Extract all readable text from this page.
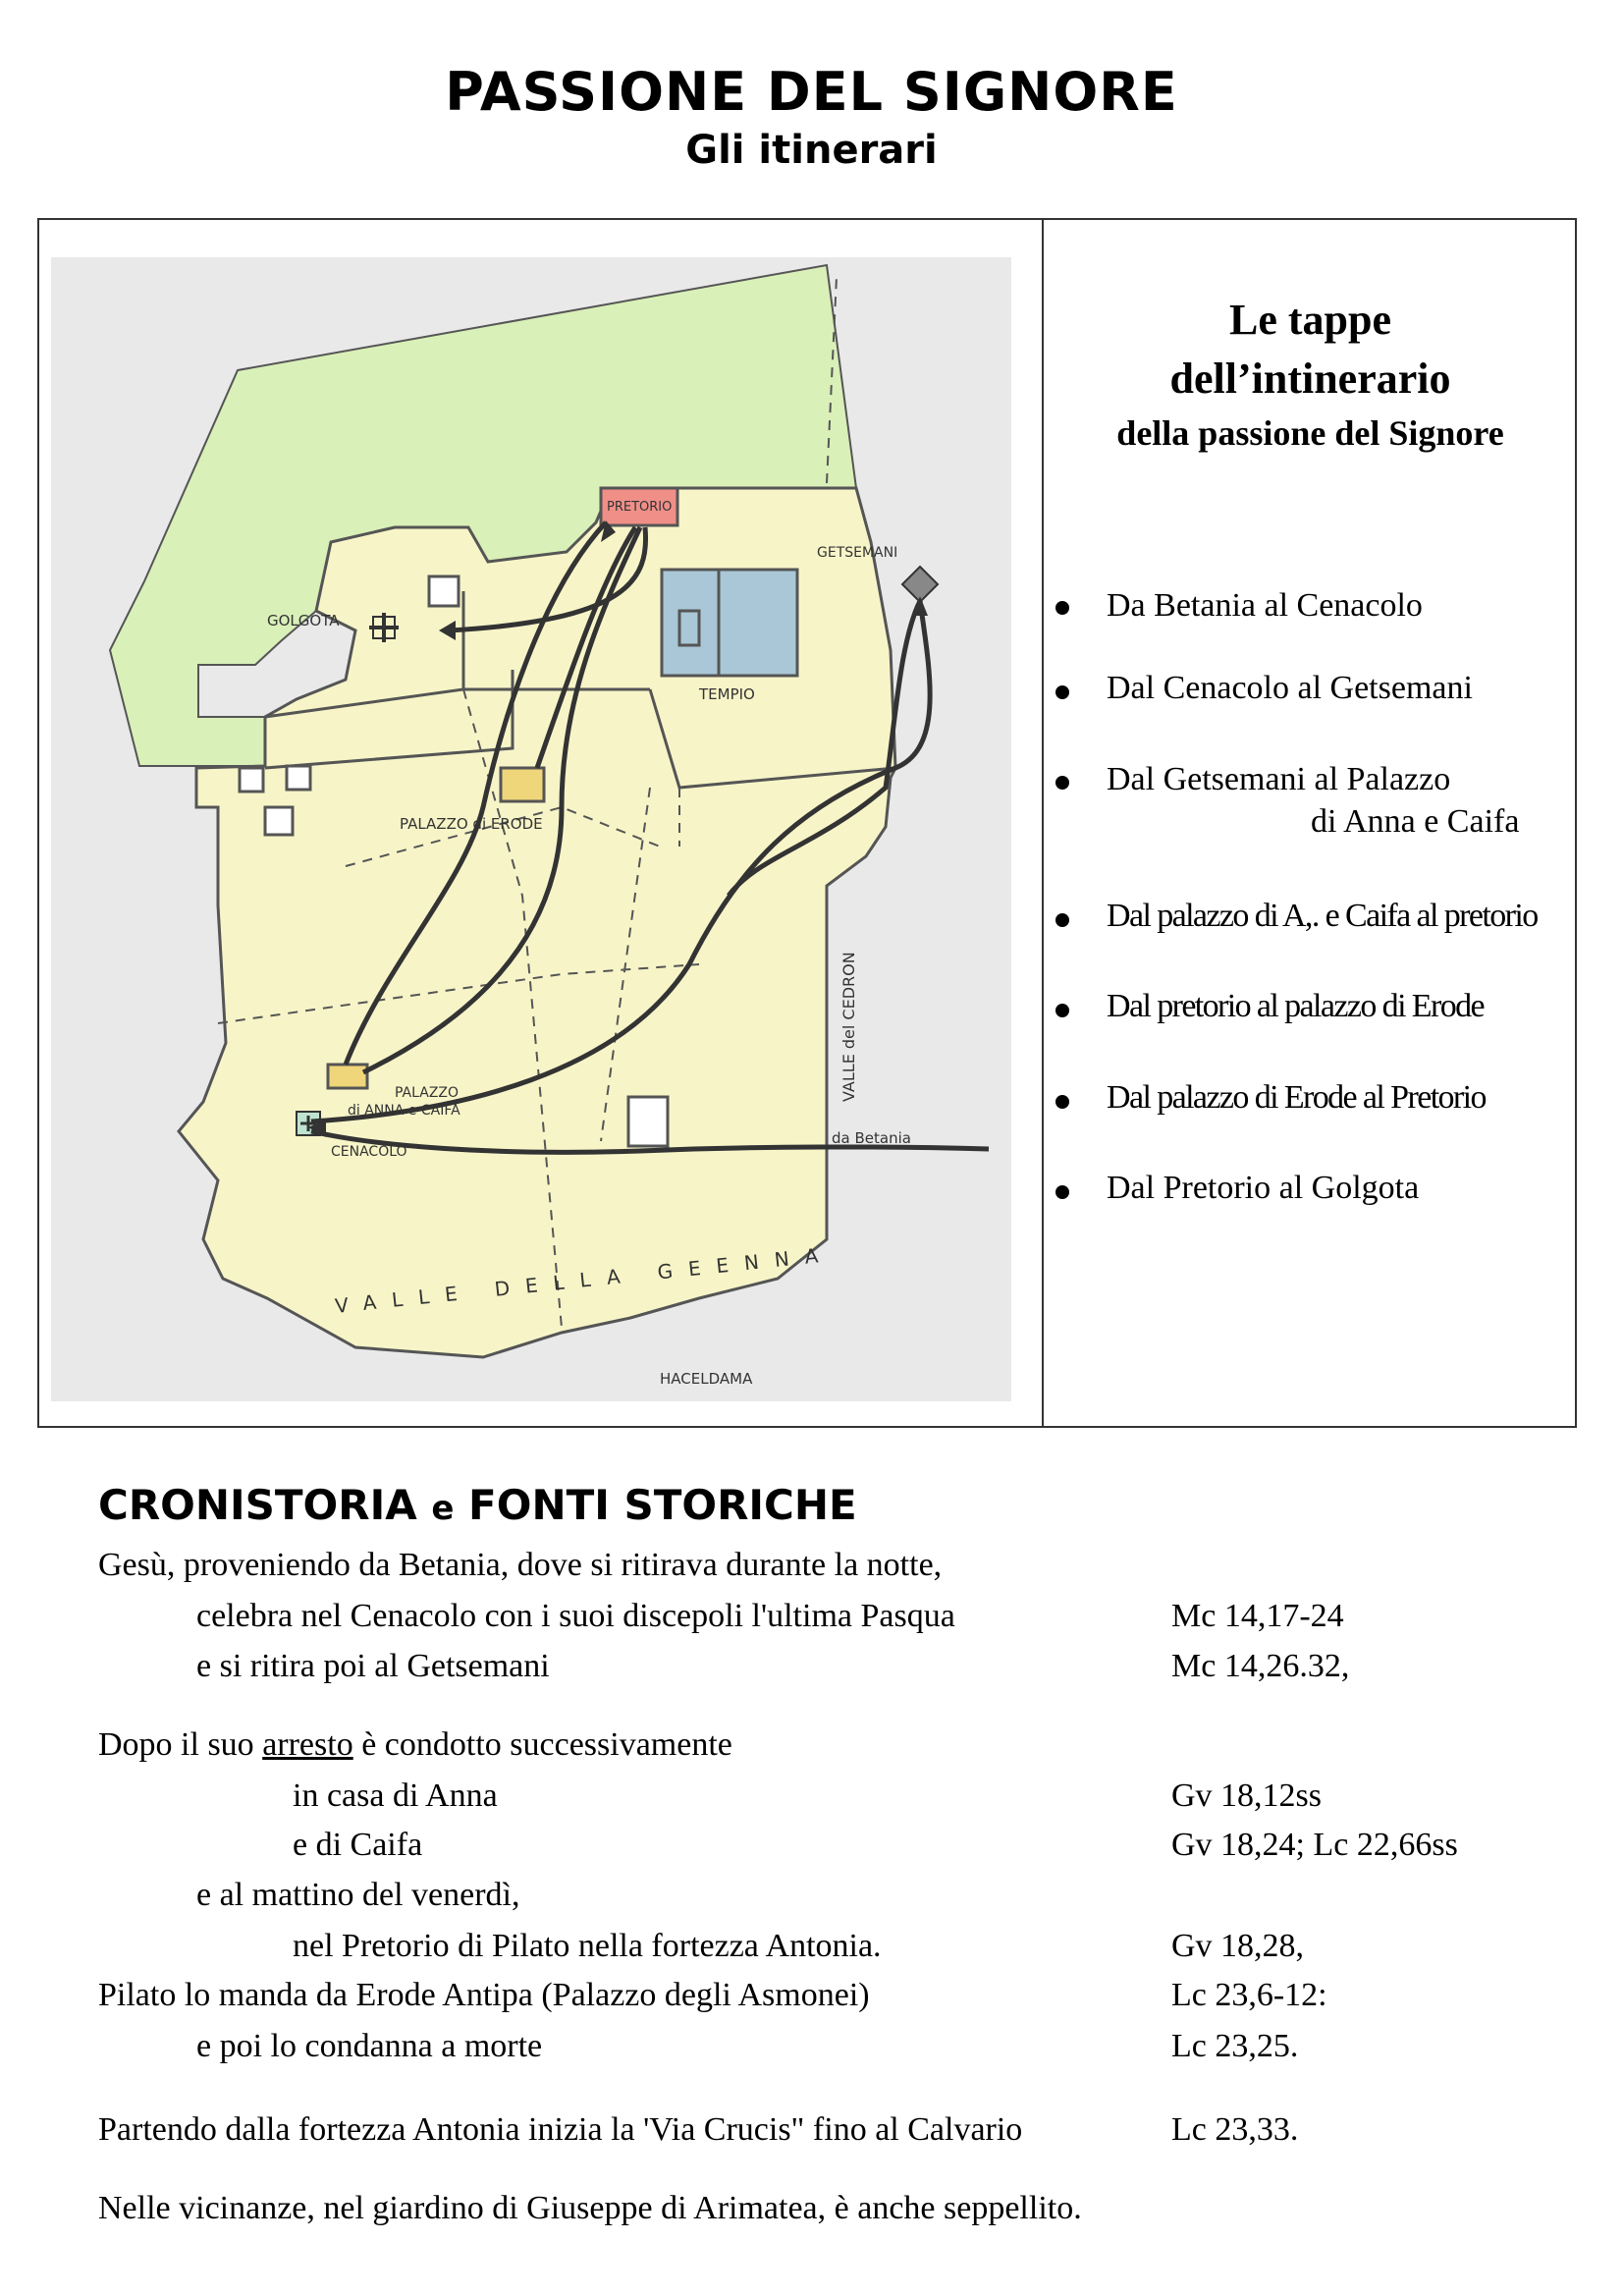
PASSIONE DEL SIGNORE
Gli itinerari
PRETORIO
GOLGOTA
GETSEMANI
TEMPIO
PALAZZO di ERODE
PALAZZO
di ANNA e CAIFA
CENACOLO
da Betania
VALLE del CEDRON
VALLE DELLA GEENNA
HACELDAMA
Le tappe
dell’intinerario
della passione del Signore
Da Betania al Cenacolo
Dal Cenacolo al Getsemani
Dal Getsemani al Palazzo
di Anna e Caifa
Dal palazzo di A,. e Caifa al pretorio
Dal pretorio al palazzo di Erode
Dal palazzo di Erode al Pretorio
Dal Pretorio al Golgota
CRONISTORIA e FONTI STORICHE
Gesù, proveniendo da Betania, dove si ritirava durante la notte,
celebra nel Cenacolo con i suoi discepoli l'ultima Pasqua	Mc 14,17-24
e si ritira poi al Getsemani	Mc 14,26.32,
Dopo il suo arresto è condotto successivamente
in casa di Anna	Gv 18,12ss
e di Caifa	Gv 18,24; Lc 22,66ss
e al mattino del venerdì,
nel Pretorio di Pilato nella fortezza Antonia.	Gv 18,28,
Pilato lo manda da Erode Antipa (Palazzo degli Asmonei)	Lc 23,6-12:
e poi lo condanna a morte	Lc 23,25.
Partendo dalla fortezza Antonia inizia la 'Via Crucis" fino al Calvario	Lc 23,33.
Nelle vicinanze, nel giardino di Giuseppe di Arimatea, è anche seppellito.
